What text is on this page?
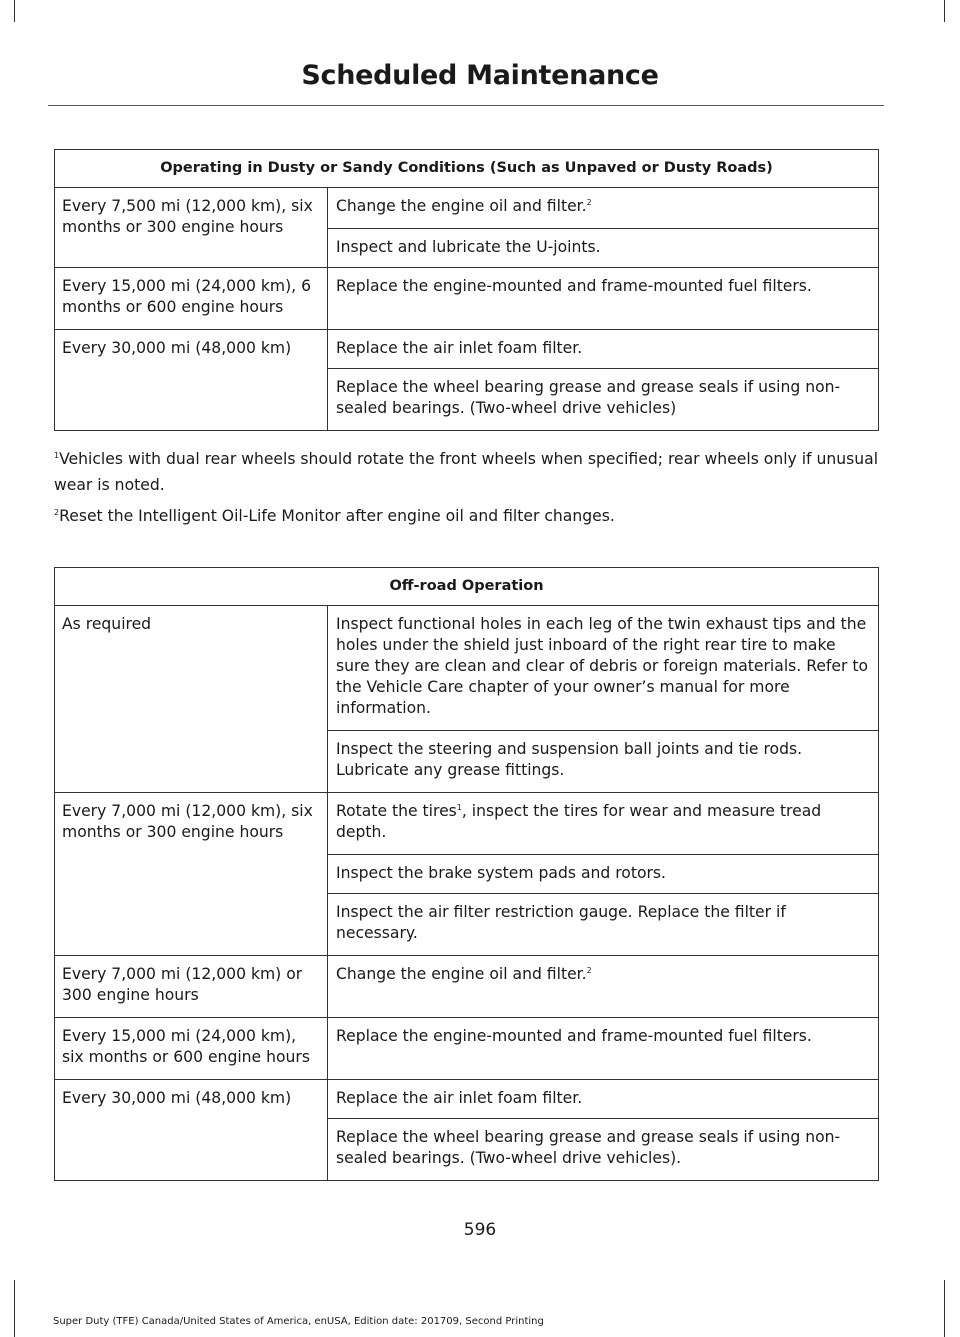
Scheduled Maintenance
Operating in Dusty or Sandy Conditions (Such as Unpaved or Dusty Roads)	
Every 7,500 mi (12,000 km), six months or 300 engine hours	Change the engine oil and filter.$^2$
	Inspect and lubricate the U-joints.
Every 15,000 mi (24,000 km), 6 months or 600 engine hours	Replace the engine-mounted and frame-mounted fuel filters.
Every 30,000 mi (48,000 km)	Replace the air inlet foam filter.
	Replace the wheel bearing grease and grease seals if using non-sealed bearings. (Two-wheel drive vehicles)
$^1$Vehicles with dual rear wheels should rotate the front wheels when specified; rear wheels only if unusual wear is noted.
$^2$Reset the Intelligent Oil-Life Monitor after engine oil and filter changes.
Off-road Operation	
As required	Inspect functional holes in each leg of the twin exhaust tips and the holes under the shield just inboard of the right rear tire to make sure they are clean and clear of debris or foreign materials. Refer to the Vehicle Care chapter of your owner’s manual for more information.
	Inspect the steering and suspension ball joints and tie rods. Lubricate any grease fittings.
Every 7,000 mi (12,000 km), six months or 300 engine hours	Rotate the tires$^1$, inspect the tires for wear and measure tread depth.
	Inspect the brake system pads and rotors.
	Inspect the air filter restriction gauge. Replace the filter if necessary.
Every 7,000 mi (12,000 km) or 300 engine hours	Change the engine oil and filter.$^2$
Every 15,000 mi (24,000 km), six months or 600 engine hours	Replace the engine-mounted and frame-mounted fuel filters.
Every 30,000 mi (48,000 km)	Replace the air inlet foam filter.
	Replace the wheel bearing grease and grease seals if using non-sealed bearings. (Two-wheel drive vehicles).
596
Super Duty (TFE) Canada/United States of America, enUSA, Edition date: 201709, Second Printing
